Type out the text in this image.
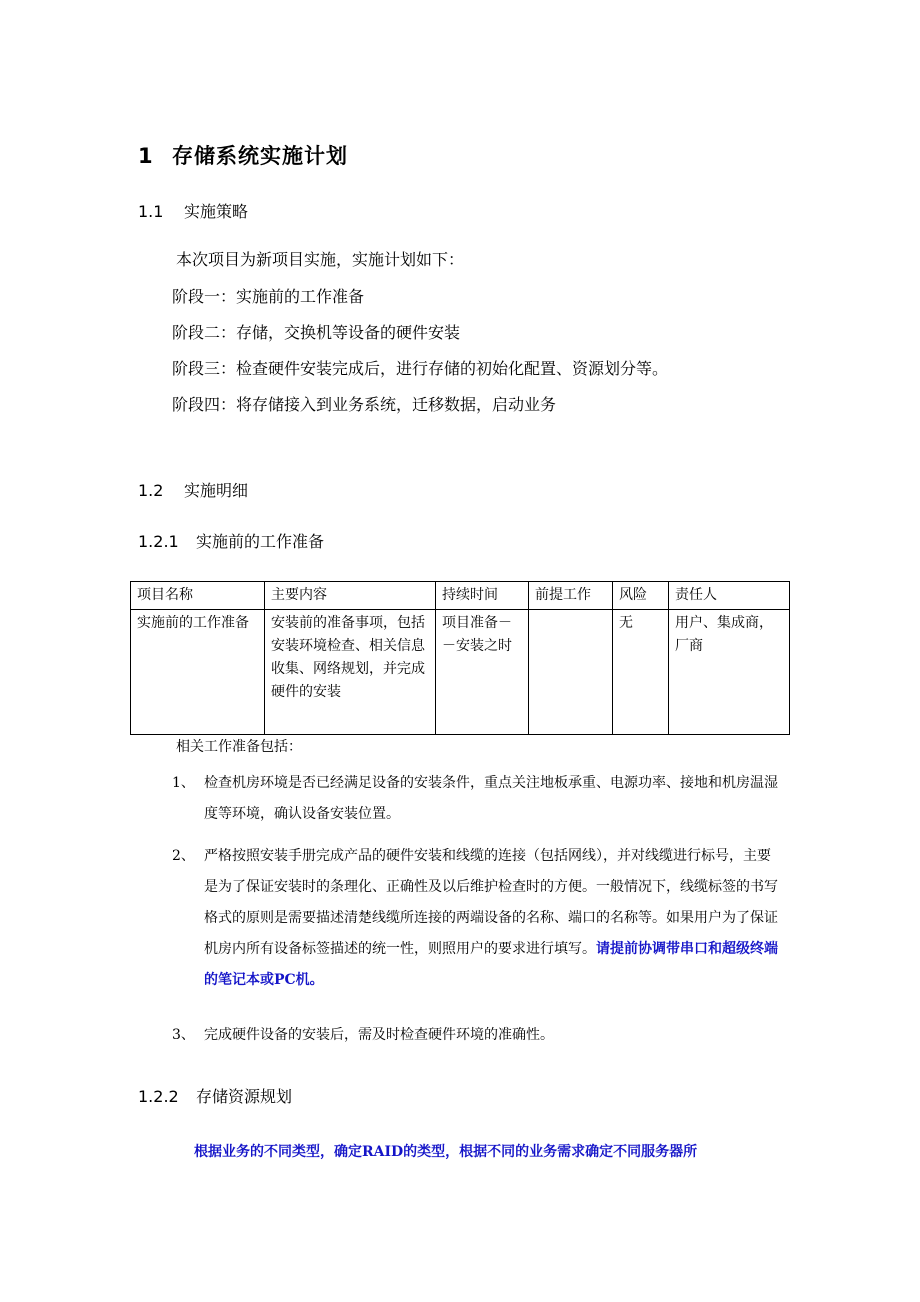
1 存储系统实施计划
1.1 实施策略
本次项目为新项目实施，实施计划如下：
阶段一：实施前的工作准备
阶段二：存储，交换机等设备的硬件安装
阶段三：检查硬件安装完成后，进行存储的初始化配置、资源划分等。
阶段四：将存储接入到业务系统，迁移数据，启动业务
1.2 实施明细
1.2.1 实施前的工作准备
项目名称	主要内容	持续时间	前提工作	风险	责任人
实施前的工作准备	安装前的准备事项，包括安装环境检查、相关信息收集、网络规划，并完成硬件的安装	项目准备－－安装之时		无	用户、集成商，厂商
相关工作准备包括：
1、 检查机房环境是否已经满足设备的安装条件，重点关注地板承重、电源功率、接地和机房温湿度等环境，确认设备安装位置。
2、 严格按照安装手册完成产品的硬件安装和线缆的连接（包括网线），并对线缆进行标号，主要是为了保证安装时的条理化、正确性及以后维护检查时的方便。一般情况下，线缆标签的书写格式的原则是需要描述清楚线缆所连接的两端设备的名称、端口的名称等。如果用户为了保证机房内所有设备标签描述的统一性，则照用户的要求进行填写。请提前协调带串口和超级终端的笔记本或PC机。
3、 完成硬件设备的安装后，需及时检查硬件环境的准确性。
1.2.2 存储资源规划
根据业务的不同类型，确定RAID的类型，根据不同的业务需求确定不同服务器所
